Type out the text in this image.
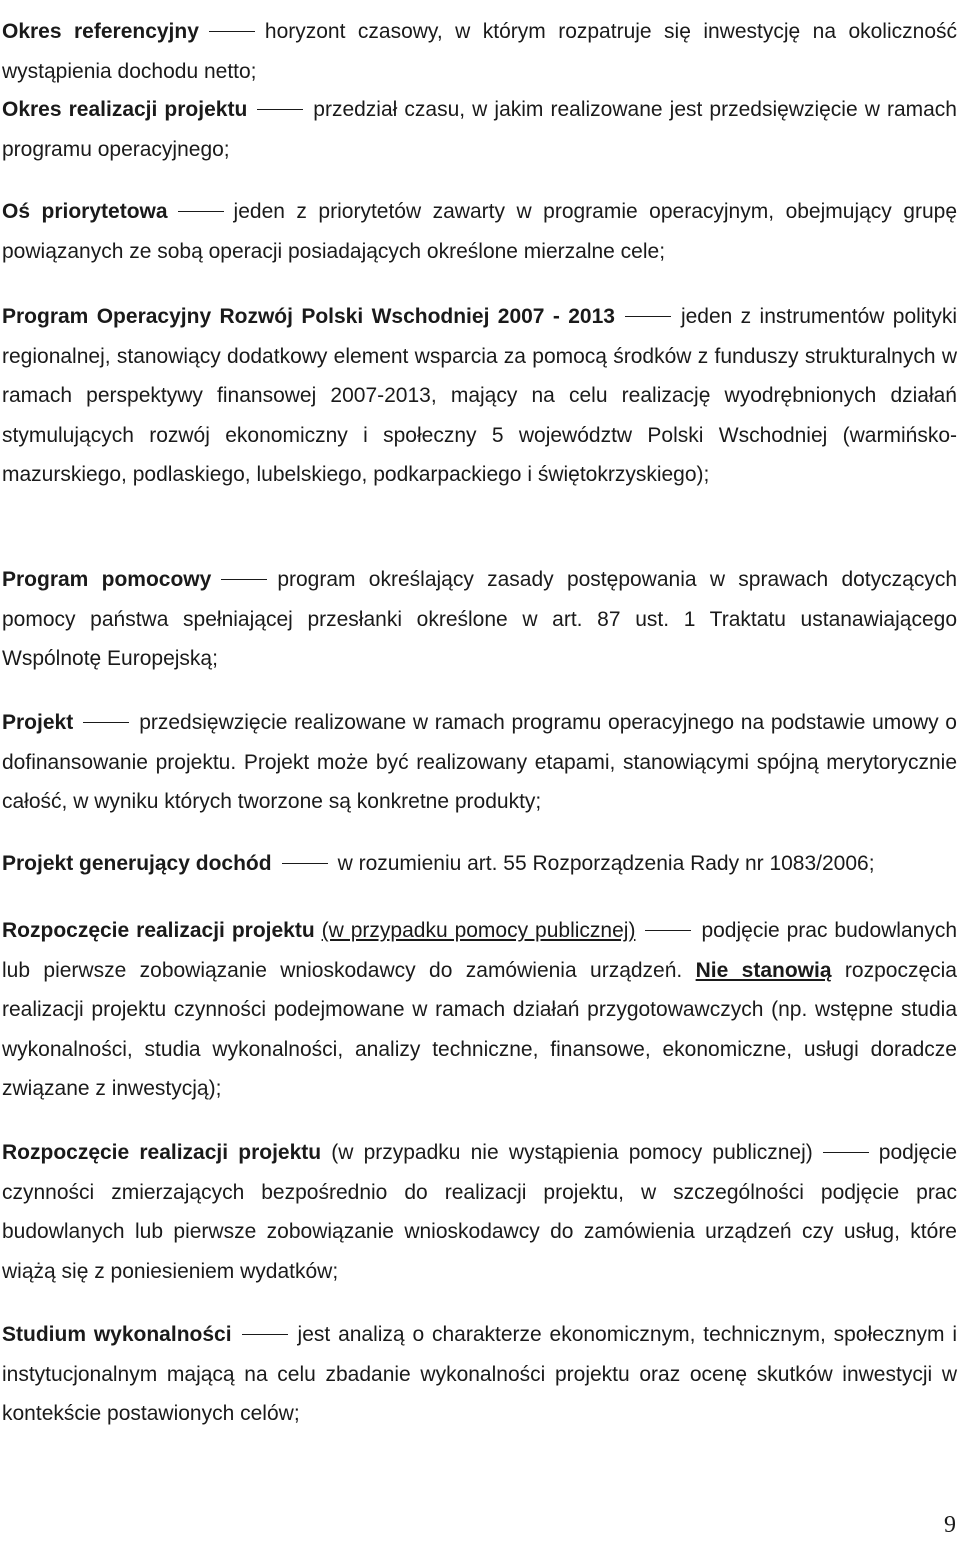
Okres referencyjny	horyzont czasowy, w którym rozpatruje się inwestycję na okoliczność wystąpienia dochodu netto;

Okres realizacji projektu	przedział czasu, w jakim realizowane jest przedsięwzięcie w ramach programu operacyjnego;

Oś priorytetowa	jeden z priorytetów zawarty w programie operacyjnym, obejmujący grupę powiązanych ze sobą operacji posiadających określone mierzalne cele;

Program Operacyjny Rozwój Polski Wschodniej 2007 - 2013	jeden z instrumentów polityki regionalnej, stanowiący dodatkowy element wsparcia za pomocą środków z funduszy strukturalnych w ramach perspektywy finansowej 2007-2013, mający na celu realizację wyodrębnionych działań stymulujących rozwój ekonomiczny i społeczny 5 województw Polski Wschodniej (warmińsko-mazurskiego, podlaskiego, lubelskiego, podkarpackiego i świętokrzyskiego);

Program pomocowy	program określający zasady postępowania w sprawach dotyczących pomocy państwa spełniającej przesłanki określone w art. 87 ust. 1 Traktatu ustanawiającego Wspólnotę Europejską;

Projekt	przedsięwzięcie realizowane w ramach programu operacyjnego na podstawie umowy o dofinansowanie projektu. Projekt może być realizowany etapami, stanowiącymi spójną merytorycznie całość, w wyniku których tworzone są konkretne produkty;

Projekt generujący dochód	w rozumieniu art. 55 Rozporządzenia Rady nr 1083/2006;

Rozpoczęcie realizacji projektu (w przypadku pomocy publicznej)	podjęcie prac budowlanych lub pierwsze zobowiązanie wnioskodawcy do zamówienia urządzeń. Nie stanowią rozpoczęcia realizacji projektu czynności podejmowane w ramach działań przygotowawczych (np. wstępne studia wykonalności, studia wykonalności, analizy techniczne, finansowe, ekonomiczne, usługi doradcze związane z inwestycją);

Rozpoczęcie realizacji projektu (w przypadku nie wystąpienia pomocy publicznej)	podjęcie czynności zmierzających bezpośrednio do realizacji projektu, w szczególności podjęcie prac budowlanych lub pierwsze zobowiązanie wnioskodawcy do zamówienia urządzeń czy usług, które wiążą się z poniesieniem wydatków;

Studium wykonalności	jest analizą o charakterze ekonomicznym, technicznym, społecznym i instytucjonalnym mającą na celu zbadanie wykonalności projektu oraz ocenę skutków inwestycji w kontekście postawionych celów;

9
